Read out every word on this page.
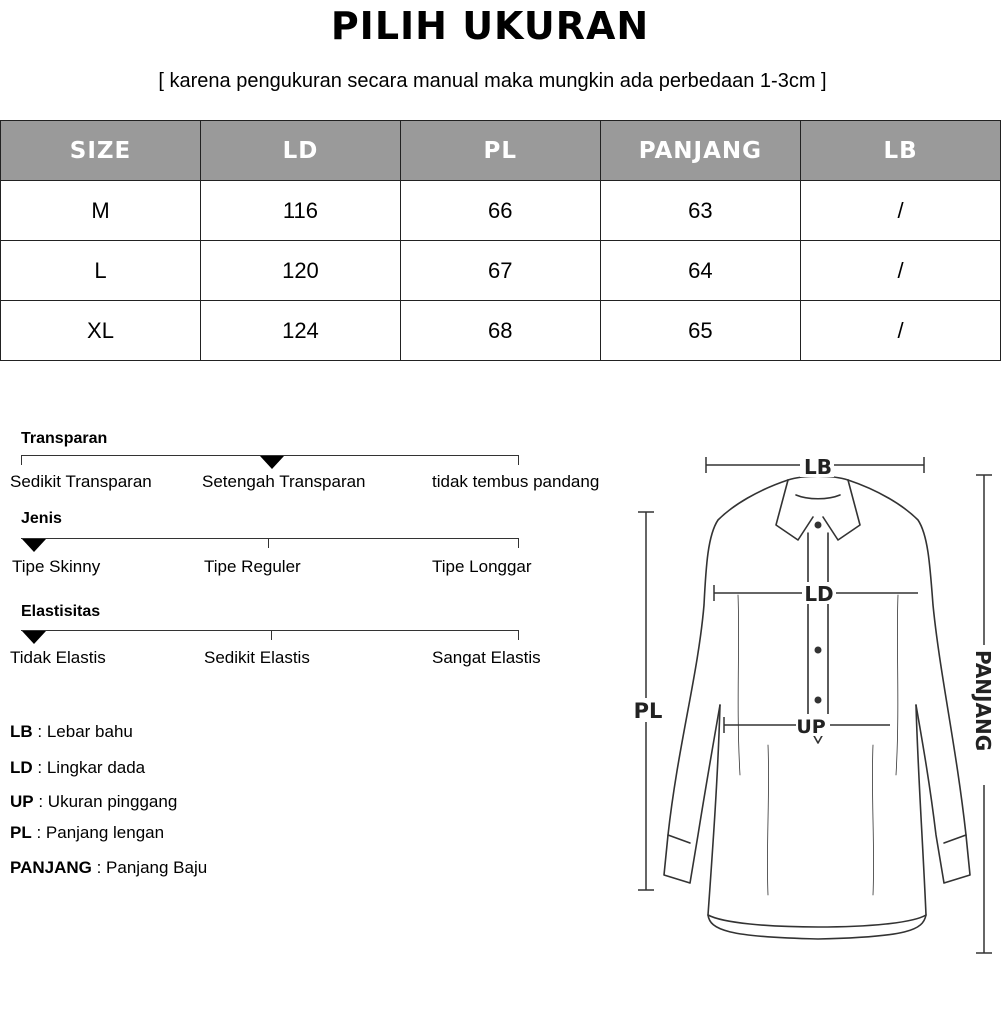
PILIH UKURAN
[ karena pengukuran secara manual maka mungkin ada perbedaan 1-3cm ]
SIZE	LD	PL	PANJANG	LB
M	116	66	63	/
L	120	67	64	/
XL	124	68	65	/
Transparan
Sedikit Transparan	Setengah Transparan	tidak tembus pandang
Jenis
Tipe Skinny	Tipe Reguler	Tipe Longgar
Elastisitas
Tidak Elastis	Sedikit Elastis	Sangat Elastis
LB : Lebar bahu
LD : Lingkar dada
UP : Ukuran pinggang
PL : Panjang lengan
PANJANG : Panjang Baju
LB
LD
UP
PL	PANJANG
